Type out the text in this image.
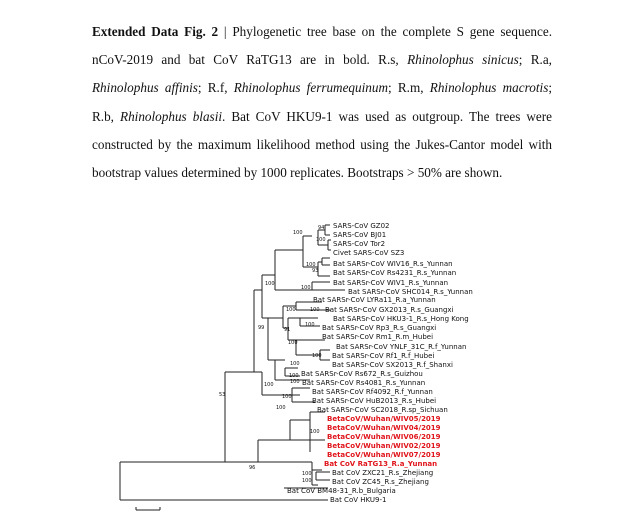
Extended Data Fig. 2 | Phylogenetic tree base on the complete S gene sequence. nCoV-2019 and bat CoV RaTG13 are in bold. R.s, Rhinolophus sinicus; R.a, Rhinolophus affinis; R.f, Rhinolophus ferrumequinum; R.m, Rhinolophus macrotis; R.b, Rhinolophus blasii. Bat CoV HKU9-1 was used as outgroup. The trees were constructed by the maximum likelihood method using the Jukes-Cantor model with bootstrap values determined by 1000 replicates. Bootstraps > 50% are shown.
SARS-CoV GZ02
SARS-CoV BJ01
SARS-CoV Tor2
Civet SARS-CoV SZ3
Bat SARSr-CoV WIV16_R.s_Yunnan
Bat SARSr-CoV Rs4231_R.s_Yunnan
Bat SARSr-CoV WIV1_R.s_Yunnan
Bat SARSr-CoV SHC014_R.s_Yunnan
Bat SARSr-CoV LYRa11_R.a_Yunnan
Bat SARSr-CoV GX2013_R.s_Guangxi
Bat SARSr-CoV HKU3-1_R.s_Hong Kong
Bat SARSr-CoV Rp3_R.s_Guangxi
Bat SARSr-CoV Rm1_R.m_Hubei
Bat SARSr-CoV YNLF_31C_R.f_Yunnan
Bat SARSr-CoV Rf1_R.f_Hubei
Bat SARSr-CoV SX2013_R.f_Shanxi
Bat SARSr-CoV Rs672_R.s_Guizhou
Bat SARSr-CoV Rs4081_R.s_Yunnan
Bat SARSr-CoV Rf4092_R.f_Yunnan
Bat SARSr-CoV HuB2013_R.s_Hubei
Bat SARSr-CoV SC2018_R.sp_Sichuan
BetaCoV/Wuhan/WIV05/2019
BetaCoV/Wuhan/WIV04/2019
BetaCoV/Wuhan/WIV06/2019
BetaCoV/Wuhan/WIV02/2019
BetaCoV/Wuhan/WIV07/2019
Bat CoV RaTG13_R.a_Yunnan
Bat CoV ZXC21_R.s_Zhejiang
Bat CoV ZC45_R.s_Zhejiang
Bat CoV BM48-31_R.b_Bulgaria
Bat CoV HKU9-1
94
100
100
100
93
100
100
100	100
91
100
100
100
100
100
99
100
100
100
100
53
100
96
100
100
